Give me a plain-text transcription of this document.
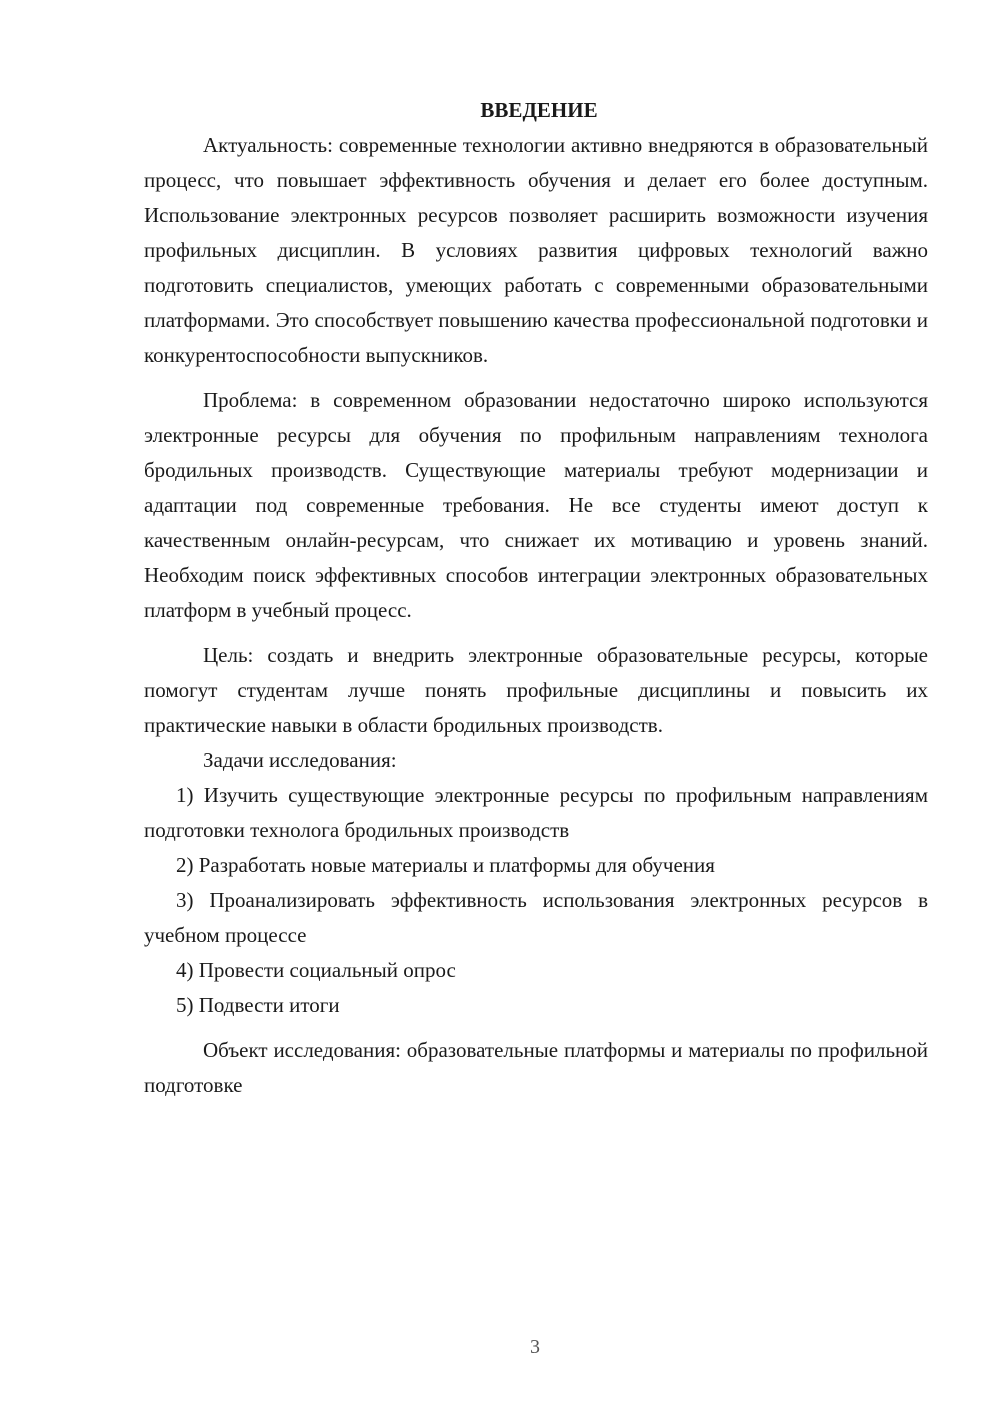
ВВЕДЕНИЕ

Актуальность: современные технологии активно внедряются в образовательный процесс, что повышает эффективность обучения и делает его более доступным. Использование электронных ресурсов позволяет расширить возможности изучения профильных дисциплин. В условиях развития цифровых технологий важно подготовить специалистов, умеющих работать с современными образовательными платформами. Это способствует повышению качества профессиональной подготовки и конкурентоспособности выпускников.

Проблема: в современном образовании недостаточно широко используются электронные ресурсы для обучения по профильным направлениям технолога бродильных производств. Существующие материалы требуют модернизации и адаптации под современные требования. Не все студенты имеют доступ к качественным онлайн-ресурсам, что снижает их мотивацию и уровень знаний. Необходим поиск эффективных способов интеграции электронных образовательных платформ в учебный процесс.

Цель: создать и внедрить электронные образовательные ресурсы, которые помогут студентам лучше понять профильные дисциплины и повысить их практические навыки в области бродильных производств.

Задачи исследования:

1) Изучить существующие электронные ресурсы по профильным направлениям подготовки технолога бродильных производств

2) Разработать новые материалы и платформы для обучения

3) Проанализировать эффективность использования электронных ресурсов в учебном процессе

4) Провести социальный опрос

5) Подвести итоги

Объект исследования: образовательные платформы и материалы по профильной подготовке

3
